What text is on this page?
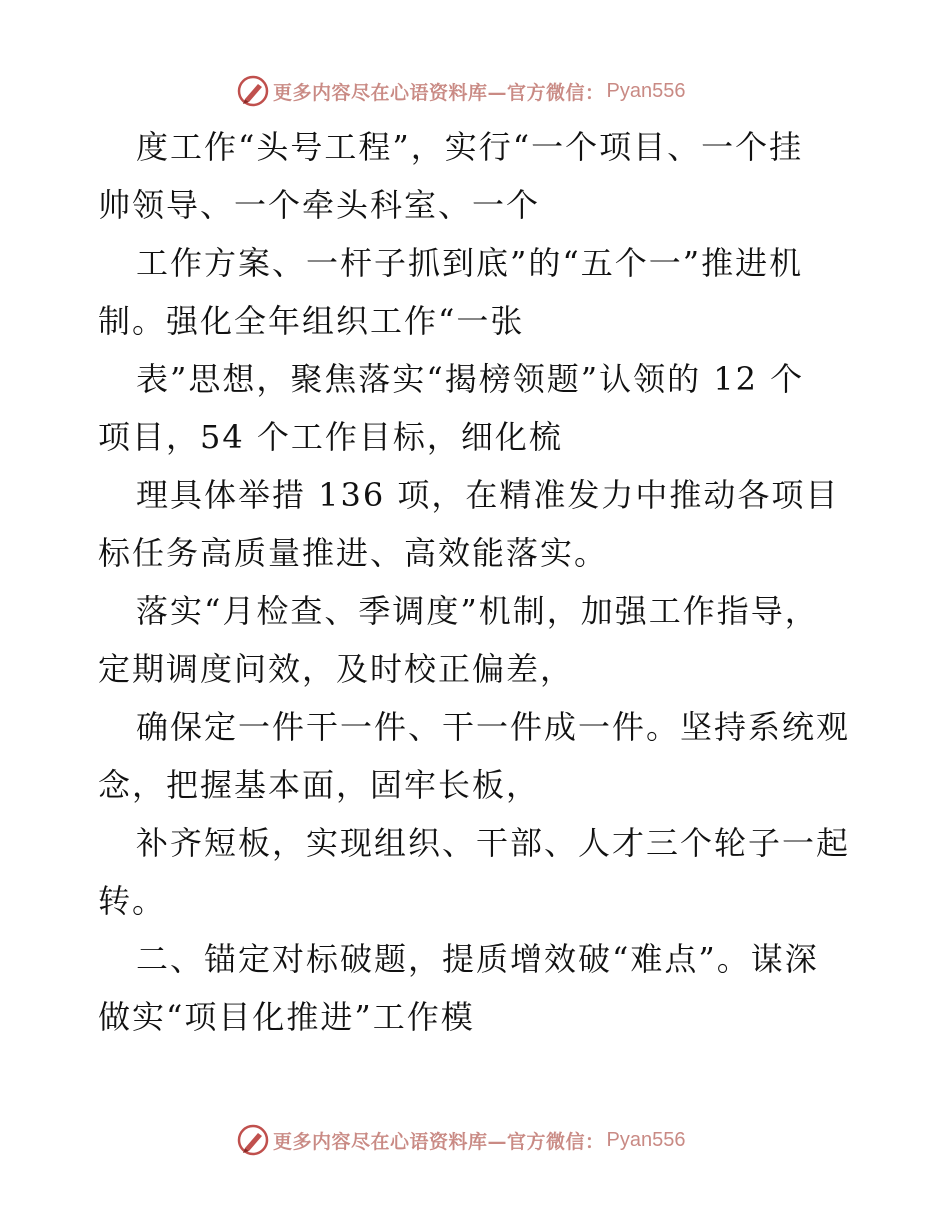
更多内容尽在心语资料库—官方微信： Pyan556
度工作“头号工程”，实行“一个项目、一个挂
帅领导、一个牵头科室、一个
工作方案、一杆子抓到底”的“五个一”推进机
制。强化全年组织工作“一张
表”思想，聚焦落实“揭榜领题”认领的 12 个
项目，54 个工作目标，细化梳
理具体举措 136 项，在精准发力中推动各项目
标任务高质量推进、高效能落实。
落实“月检查、季调度”机制，加强工作指导，
定期调度问效，及时校正偏差，
确保定一件干一件、干一件成一件。坚持系统观
念，把握基本面，固牢长板，
补齐短板，实现组织、干部、人才三个轮子一起
转。
二、锚定对标破题，提质增效破“难点”。谋深
做实“项目化推进”工作模
更多内容尽在心语资料库—官方微信： Pyan556
